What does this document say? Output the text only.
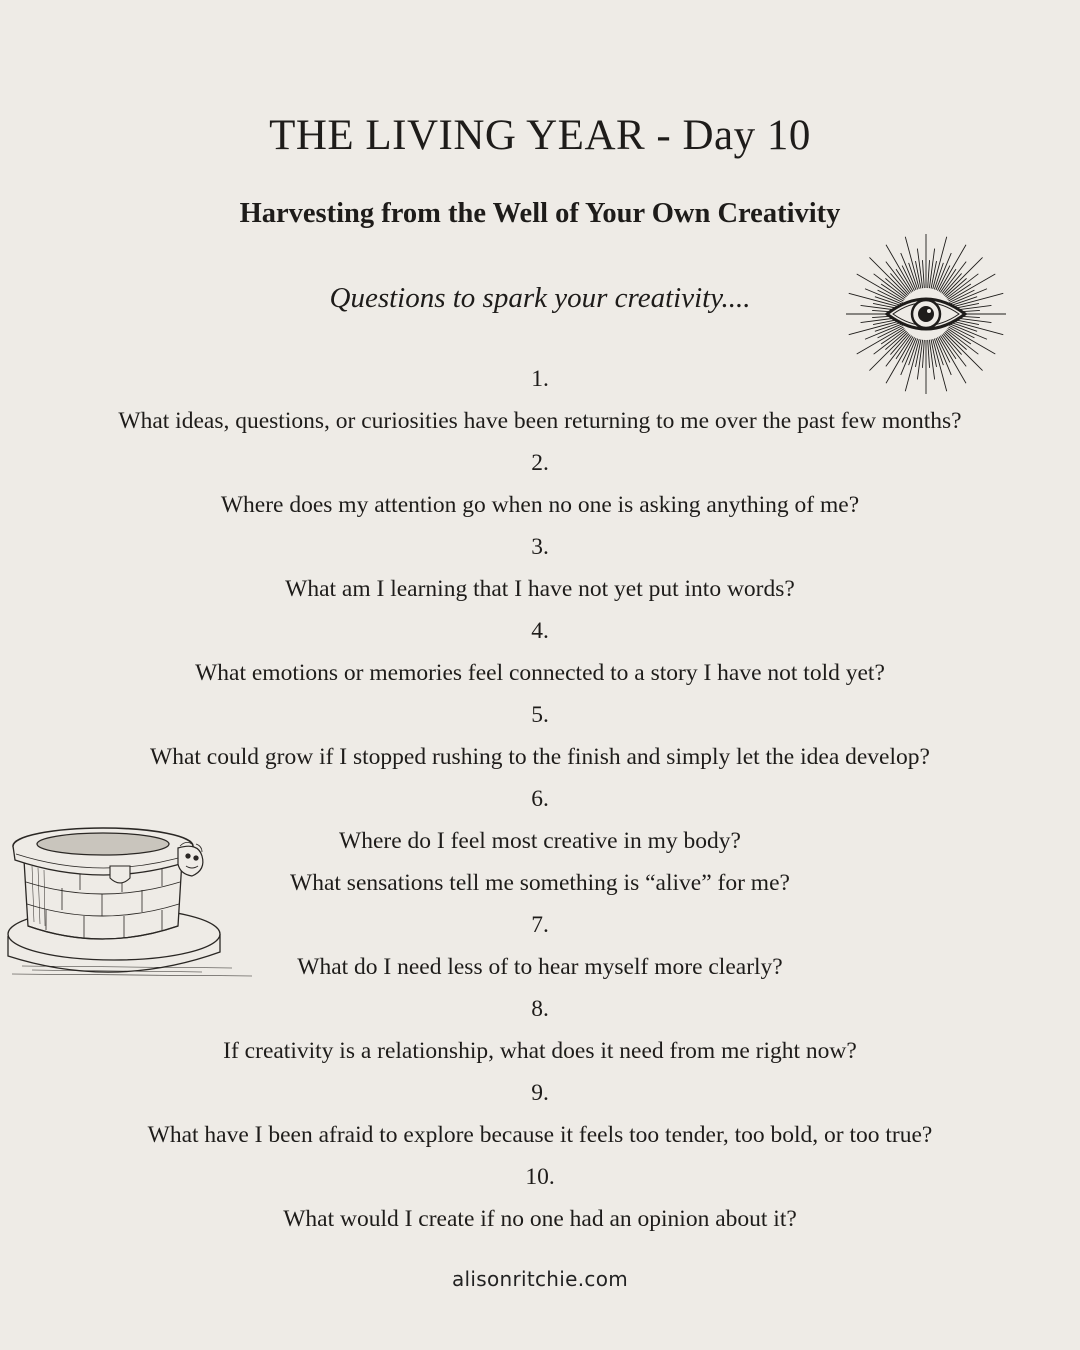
THE LIVING YEAR - Day 10
Harvesting from the Well of Your Own Creativity
Questions to spark your creativity....
1.
What ideas, questions, or curiosities have been returning to me over the past few months?
2.
Where does my attention go when no one is asking anything of me?
3.
What am I learning that I have not yet put into words?
4.
What emotions or memories feel connected to a story I have not told yet?
5.
What could grow if I stopped rushing to the finish and simply let the idea develop?
6.
Where do I feel most creative in my body?
What sensations tell me something is “alive” for me?
7.
What do I need less of to hear myself more clearly?
8.
If creativity is a relationship, what does it need from me right now?
9.
What have I been afraid to explore because it feels too tender, too bold, or too true?
10.
What would I create if no one had an opinion about it?
alisonritchie.com
